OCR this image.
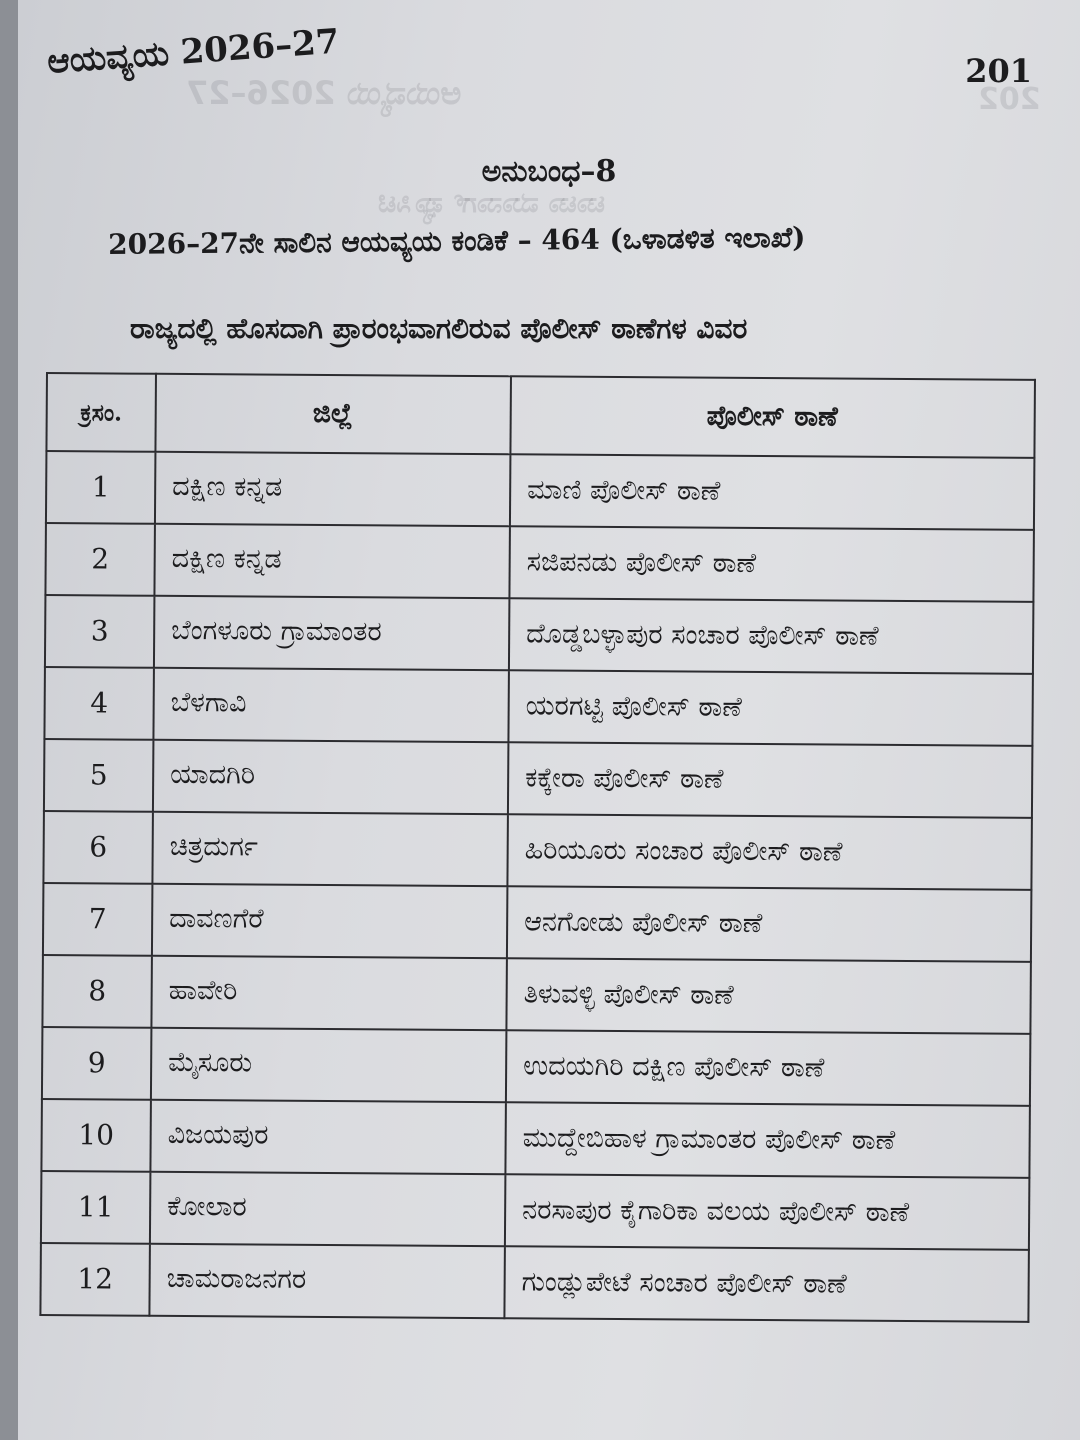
ಆಯವ್ಯಯ 2026–27	202
ಟಾಟಾ ಮಾನಾಗ್ ಫ್ಯಾಸಿಟಿ
ಆಯವ್ಯಯ 2026–27	201
ಅನುಬಂಧ–8
2026–27ನೇ ಸಾಲಿನ ಆಯವ್ಯಯ ಕಂಡಿಕೆ – 464 (ಒಳಾಡಳಿತ ಇಲಾಖೆ)
ರಾಜ್ಯದಲ್ಲಿ ಹೊಸದಾಗಿ ಪ್ರಾರಂಭವಾಗಲಿರುವ ಪೊಲೀಸ್ ಠಾಣೆಗಳ ವಿವರ
ಕ್ರಸಂ.	ಜಿಲ್ಲೆ	ಪೊಲೀಸ್ ಠಾಣೆ
1	ದಕ್ಷಿಣ ಕನ್ನಡ	ಮಾಣಿ ಪೊಲೀಸ್ ಠಾಣೆ
2	ದಕ್ಷಿಣ ಕನ್ನಡ	ಸಜಿಪನಡು ಪೊಲೀಸ್ ಠಾಣೆ
3	ಬೆಂಗಳೂರು ಗ್ರಾಮಾಂತರ	ದೊಡ್ಡಬಳ್ಳಾಪುರ ಸಂಚಾರ ಪೊಲೀಸ್ ಠಾಣೆ
4	ಬೆಳಗಾವಿ	ಯರಗಟ್ಟಿ ಪೊಲೀಸ್ ಠಾಣೆ
5	ಯಾದಗಿರಿ	ಕಕ್ಕೇರಾ ಪೊಲೀಸ್ ಠಾಣೆ
6	ಚಿತ್ರದುರ್ಗ	ಹಿರಿಯೂರು ಸಂಚಾರ ಪೊಲೀಸ್ ಠಾಣೆ
7	ದಾವಣಗೆರೆ	ಆನಗೋಡು ಪೊಲೀಸ್ ಠಾಣೆ
8	ಹಾವೇರಿ	ತಿಳುವಳ್ಳಿ ಪೊಲೀಸ್ ಠಾಣೆ
9	ಮೈಸೂರು	ಉದಯಗಿರಿ ದಕ್ಷಿಣ ಪೊಲೀಸ್ ಠಾಣೆ
10	ವಿಜಯಪುರ	ಮುದ್ದೇಬಿಹಾಳ ಗ್ರಾಮಾಂತರ ಪೊಲೀಸ್ ಠಾಣೆ
11	ಕೋಲಾರ	ನರಸಾಪುರ ಕೈಗಾರಿಕಾ ವಲಯ ಪೊಲೀಸ್ ಠಾಣೆ
12	ಚಾಮರಾಜನಗರ	ಗುಂಡ್ಲುಪೇಟೆ ಸಂಚಾರ ಪೊಲೀಸ್ ಠಾಣೆ
